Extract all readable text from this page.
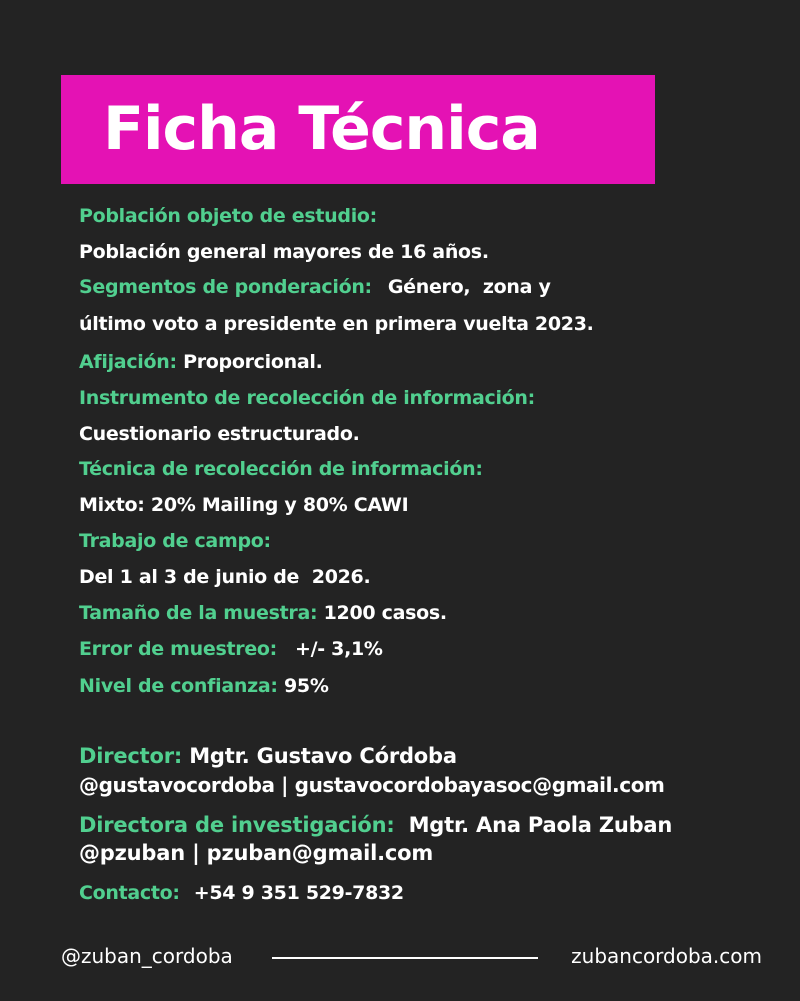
Ficha Técnica
Población objeto de estudio:
Población general mayores de 16 años.
Segmentos de ponderación: Género,  zona y
último voto a presidente en primera vuelta 2023.
Afijación: Proporcional.
Instrumento de recolección de información:
Cuestionario estructurado.
Técnica de recolección de información:
Mixto: 20% Mailing y 80% CAWI
Trabajo de campo:
Del 1 al 3 de junio de  2026.
Tamaño de la muestra: 1200 casos.
Error de muestreo: +/- 3,1%
Nivel de confianza: 95%
Director: Mgtr. Gustavo Córdoba
@gustavocordoba | gustavocordobayasoc@gmail.com
Directora de investigación: Mgtr. Ana Paola Zuban
@pzuban | pzuban@gmail.com
Contacto: +54 9 351 529-7832
@zuban_cordoba	zubancordoba.com
